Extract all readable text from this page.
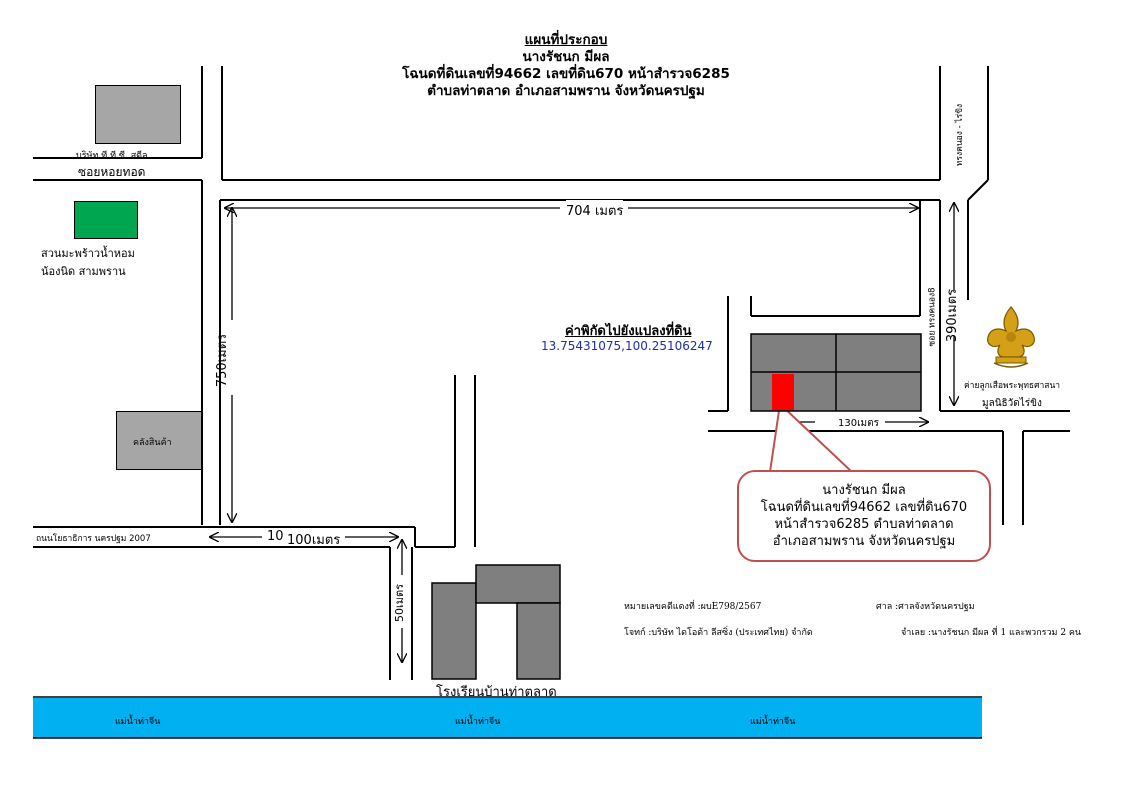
แผนที่ประกอบ
นางรัชนก มีผล
โฉนดที่ดินเลขที่94662 เลขที่ดิน670 หน้าสำรวจ6285
ตำบลท่าตลาด อำเภอสามพราน จังหวัดนครปฐม
บริษัท ที.ที.ซี. สตีล
ซอยหอยทอด
สวนมะพร้าวน้ำหอม
น้องนิด สามพราน
คลังสินค้า
ถนนโยธาธิการ นครปฐม 2007
704 เมตร
750เมตร
10 100เมตร
50เมตร
390เมตร
130เมตร
ทรงคนอง - ไร่ขิง
ซอย ทรงคนอง8
ค่าพิกัดไปยังแปลงที่ดิน
13.75431075,100.25106247
ค่ายลูกเสือพระพุทธศาสนา
มูลนิธิวัดไร่ขิง
นางรัชนก มีผล
โฉนดที่ดินเลขที่94662 เลขที่ดิน670
หน้าสำรวจ6285 ตำบลท่าตลาด
อำเภอสามพราน จังหวัดนครปฐม
หมายเลขคดีแดงที่ :ผบE798/2567	ศาล :ศาลจังหวัดนครปฐม
โจทก์ :บริษัท ไดโอด้า ลีสซิ่ง (ประเทศไทย) จำกัด	จำเลย :นางรัชนก มีผล ที่ 1 และพวกรวม 2 คน
โรงเรียนบ้านท่าตลาด
แม่น้ำท่าจีน	แม่น้ำท่าจีน	แม่น้ำท่าจีน
